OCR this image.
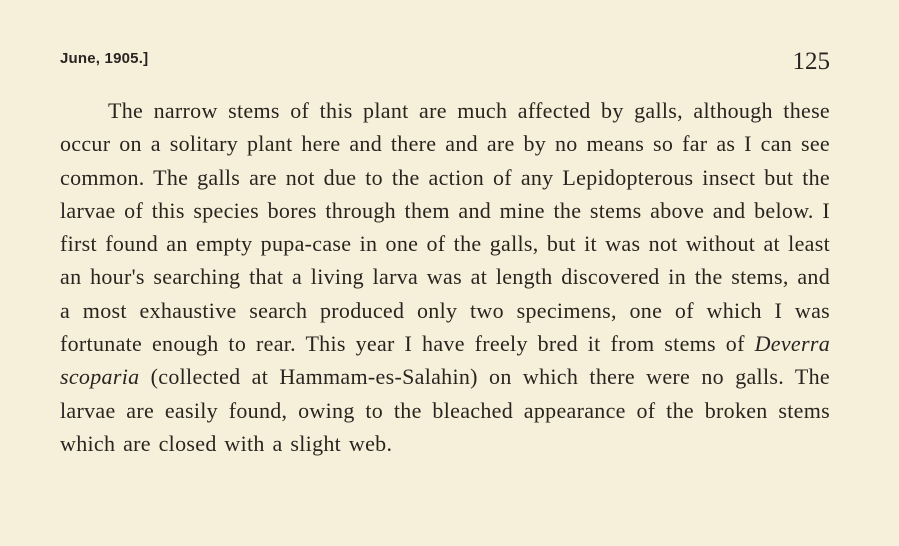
June, 1905.]	125

The narrow stems of this plant are much affected by galls, although these occur on a solitary plant here and there and are by no means so far as I can see common. The galls are not due to the action of any Lepidopterous insect but the larvae of this species bores through them and mine the stems above and below. I first found an empty pupa-case in one of the galls, but it was not without at least an hour's searching that a living larva was at length discovered in the stems, and a most exhaustive search produced only two specimens, one of which I was fortunate enough to rear. This year I have freely bred it from stems of Deverra scoparia (collected at Hammam-es-Salahin) on which there were no galls. The larvae are easily found, owing to the bleached appearance of the broken stems which are closed with a slight web.
